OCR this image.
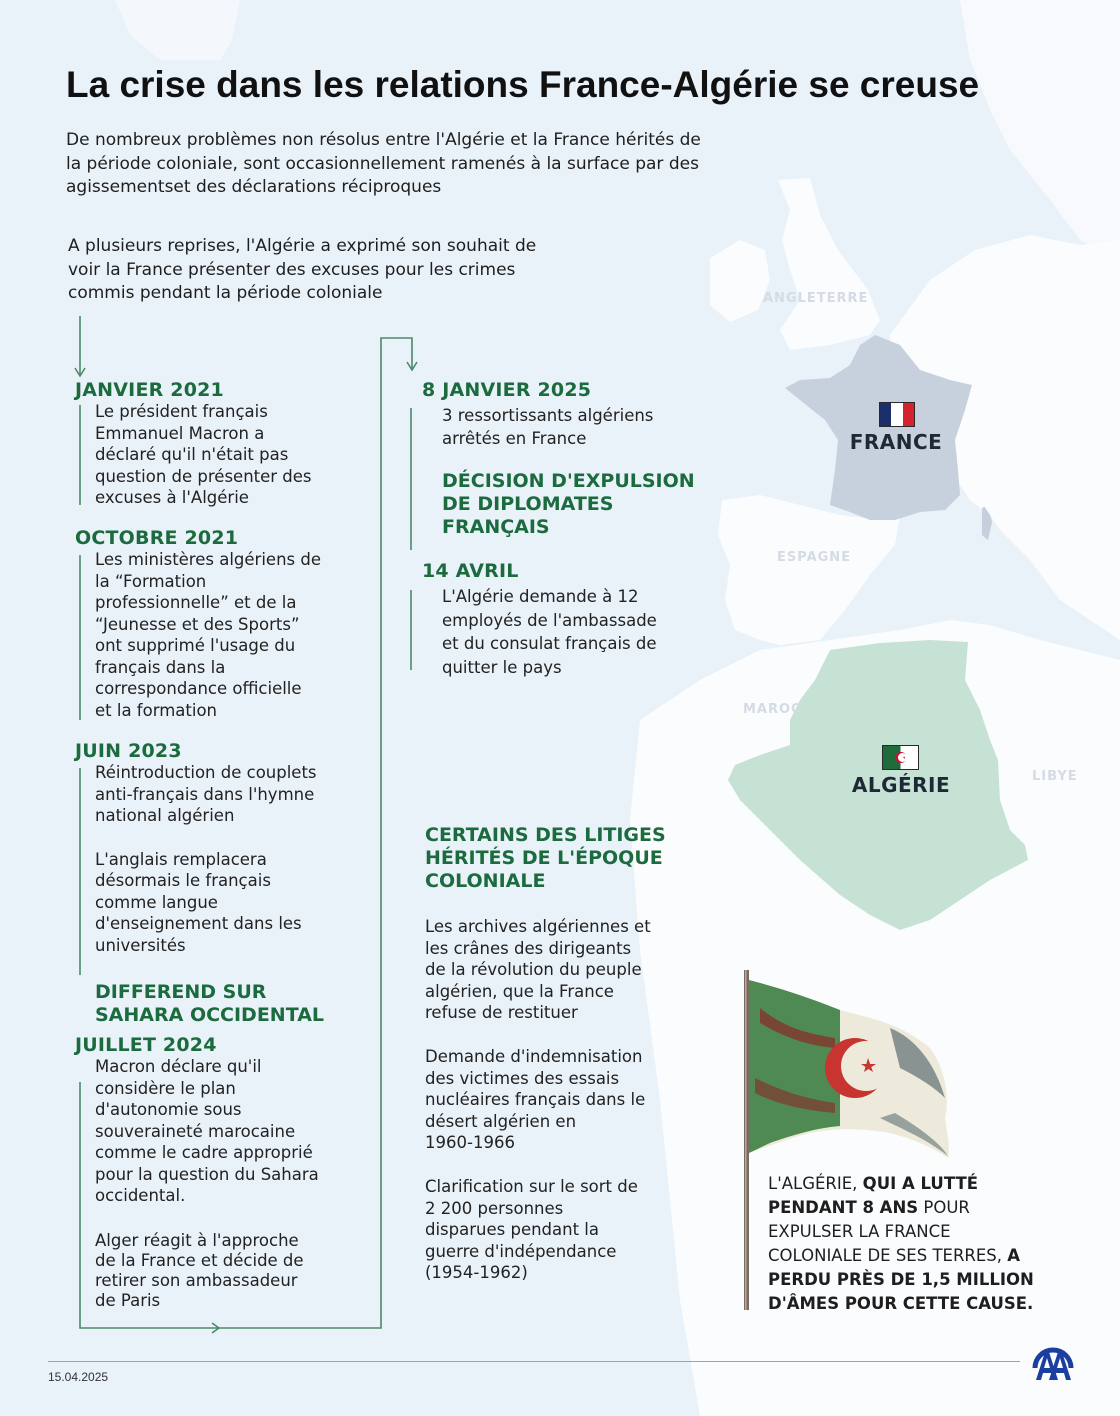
La crise dans les relations France-Algérie se creuse
De nombreux problèmes non résolus entre l'Algérie et la France hérités de
la période coloniale, sont occasionnellement ramenés à la surface par des
agissementset des déclarations réciproques
A plusieurs reprises, l'Algérie a exprimé son souhait de
voir la France présenter des excuses pour les crimes
commis pendant la période coloniale
JANVIER 2021
Le président français
Emmanuel Macron a
déclaré qu'il n'était pas
question de présenter des
excuses à l'Algérie
OCTOBRE 2021
Les ministères algériens de
la “Formation
professionnelle” et de la
“Jeunesse et des Sports”
ont supprimé l'usage du
français dans la
correspondance officielle
et la formation
JUIN 2023
Réintroduction de couplets
anti-français dans l'hymne
national algérien
L'anglais remplacera
désormais le français
comme langue
d'enseignement dans les
universités
DIFFEREND SUR
SAHARA OCCIDENTAL
JUILLET 2024
Macron déclare qu'il
considère le plan
d'autonomie sous
souveraineté marocaine
comme le cadre approprié
pour la question du Sahara
occidental.
Alger réagit à l'approche
de la France et décide de
retirer son ambassadeur
de Paris
8 JANVIER 2025
3 ressortissants algériens
arrêtés en France
DÉCISION D'EXPULSION
DE DIPLOMATES
FRANÇAIS
14 AVRIL
L'Algérie demande à 12
employés de l'ambassade
et du consulat français de
quitter le pays
CERTAINS DES LITIGES
HÉRITÉS DE L'ÉPOQUE
COLONIALE
Les archives algériennes et
les crânes des dirigeants
de la révolution du peuple
algérien, que la France
refuse de restituer
Demande d'indemnisation
des victimes des essais
nucléaires français dans le
désert algérien en
1960-1966
Clarification sur le sort de
2 200 personnes
disparues pendant la
guerre d'indépendance
(1954-1962)
ANGLETERRE
ESPAGNE
MAROC
LIBYE
FRANCE
ALGÉRIE
L'ALGÉRIE, QUI A LUTTÉ PENDANT 8 ANS POUR EXPULSER LA FRANCE COLONIALE DE SES TERRES, A PERDU PRÈS DE 1,5 MILLION D'ÂMES POUR CETTE CAUSE.
15.04.2025
